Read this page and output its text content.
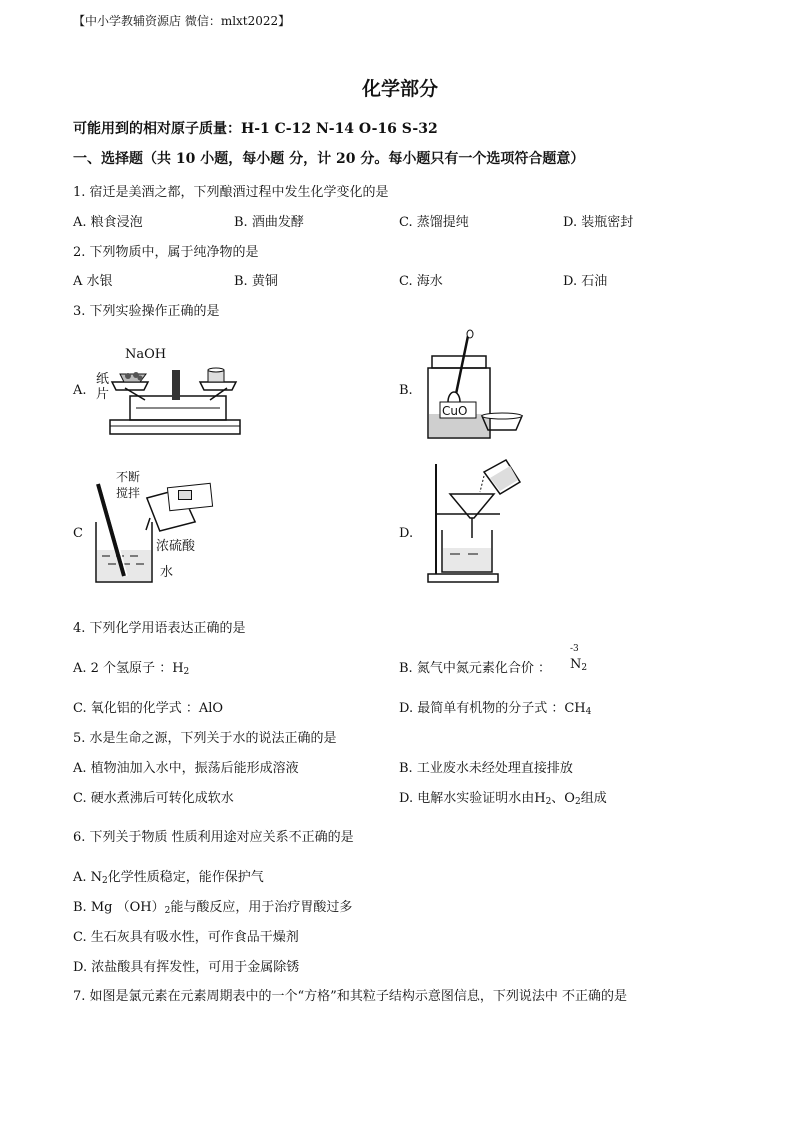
【中小学教辅资源店 微信：mlxt2022】
化学部分
可能用到的相对原子质量：H-1 C-12 N-14 O-16 S-32
一、选择题（共 10 小题，每小题 分，计 20 分。每小题只有一个选项符合题意）
1. 宿迁是美酒之都，下列酿酒过程中发生化学变化的是
A. 粮食浸泡	B. 酒曲发酵	C. 蒸馏提纯	D. 装瓶密封
2. 下列物质中，属于纯净物的是
A 水银	B. 黄铜	C. 海水	D. 石油
3. 下列实验操作正确的是
A.	B.
C	D.
NaOH
纸
片
CuO
不断
搅拌
浓硫酸
水
4. 下列化学用语表达正确的是
A. 2 个氢原子 ：$H_2$	B. 氮气中氮元素化合价 ：
-3
$N_2$
C. 氧化铝的化学式 ：AlO	D. 最简单有机物的分子式 ：$CH_4$
5. 水是生命之源，下列关于水的说法正确的是
A. 植物油加入水中，振荡后能形成溶液	B. 工业废水未经处理直接排放
C. 硬水煮沸后可转化成软水	D. 电解水实验证明水由$H_2$、$O_2$组成
6. 下列关于物质 性质利用途对应关系不正确的是
A. $N_2$化学性质稳定，能作保护气
B. Mg $(OH)_2$能与酸反应，用于治疗胃酸过多
C. 生石灰具有吸水性，可作食品干燥剂
D. 浓盐酸具有挥发性，可用于金属除锈
7. 如图是氯元素在元素周期表中的一个“方格”和其粒子结构示意图信息，下列说法中 不正确的是
